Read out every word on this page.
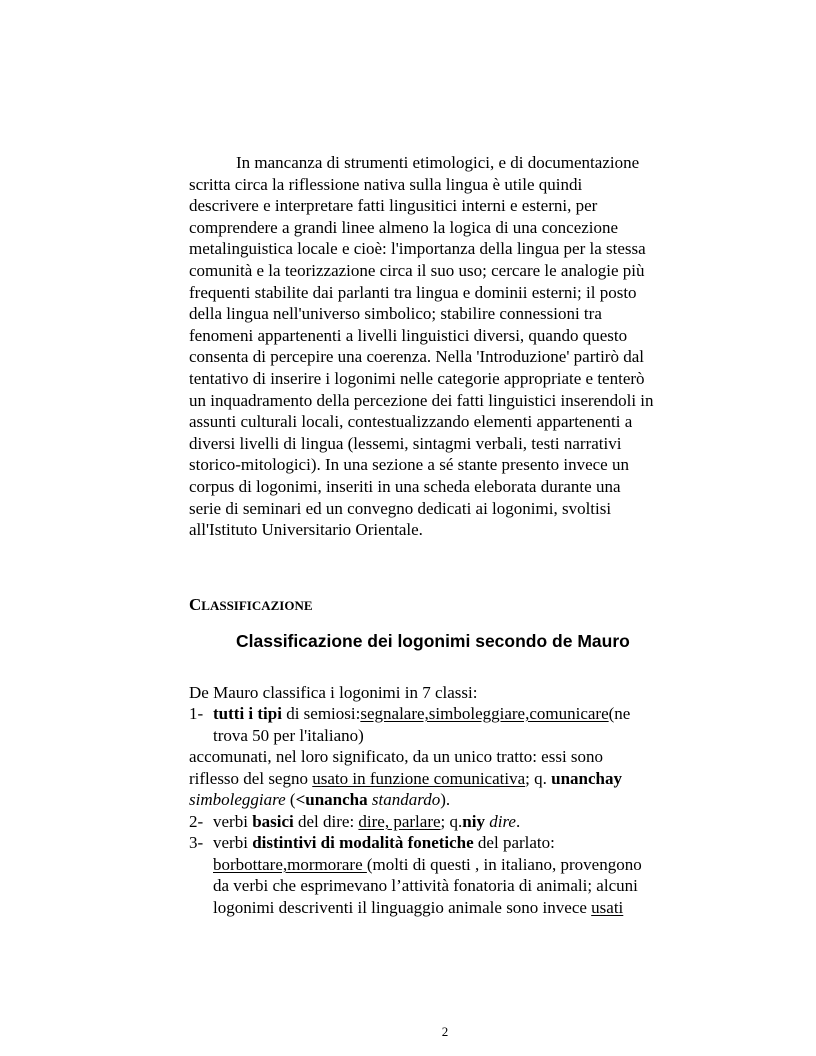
In mancanza di strumenti etimologici, e di documentazione
scritta circa la riflessione nativa sulla lingua è utile quindi
descrivere e interpretare fatti lingusitici interni e esterni, per
comprendere a grandi linee almeno la logica di una concezione
metalinguistica locale e cioè: l'importanza della lingua per la stessa
comunità e la teorizzazione circa il suo uso; cercare le analogie più
frequenti stabilite dai parlanti tra lingua e dominii esterni; il posto
della lingua nell'universo simbolico; stabilire connessioni tra
fenomeni appartenenti a livelli linguistici diversi, quando questo
consenta di percepire una coerenza. Nella 'Introduzione' partirò dal
tentativo di inserire i logonimi nelle categorie appropriate e tenterò
un inquadramento della percezione dei fatti linguistici inserendoli in
assunti culturali locali, contestualizzando elementi appartenenti a
diversi livelli di lingua (lessemi, sintagmi verbali, testi narrativi
storico-mitologici). In una sezione a sé stante presento invece un
corpus di logonimi, inseriti in una scheda eleborata durante una
serie di seminari ed un convegno dedicati ai logonimi, svoltisi
all'Istituto Universitario Orientale.
CLASSIFICAZIONE
Classificazione dei logonimi secondo de Mauro
De Mauro classifica i logonimi in 7 classi:
1- tutti i tipi di semiosi:segnalare,simboleggiare,comunicare(ne
trova 50 per l'italiano)
accomunati, nel loro significato, da un unico tratto: essi sono
riflesso del segno usato in funzione comunicativa; q. unanchay
simboleggiare (<unancha standardo).
2- verbi basici del dire: dire, parlare; q.niy dire.
3- verbi distintivi di modalità fonetiche del parlato:
borbottare,mormorare (molti di questi , in italiano, provengono
da verbi che esprimevano l’attività fonatoria di animali; alcuni
logonimi descriventi il linguaggio animale sono invece usati
2
